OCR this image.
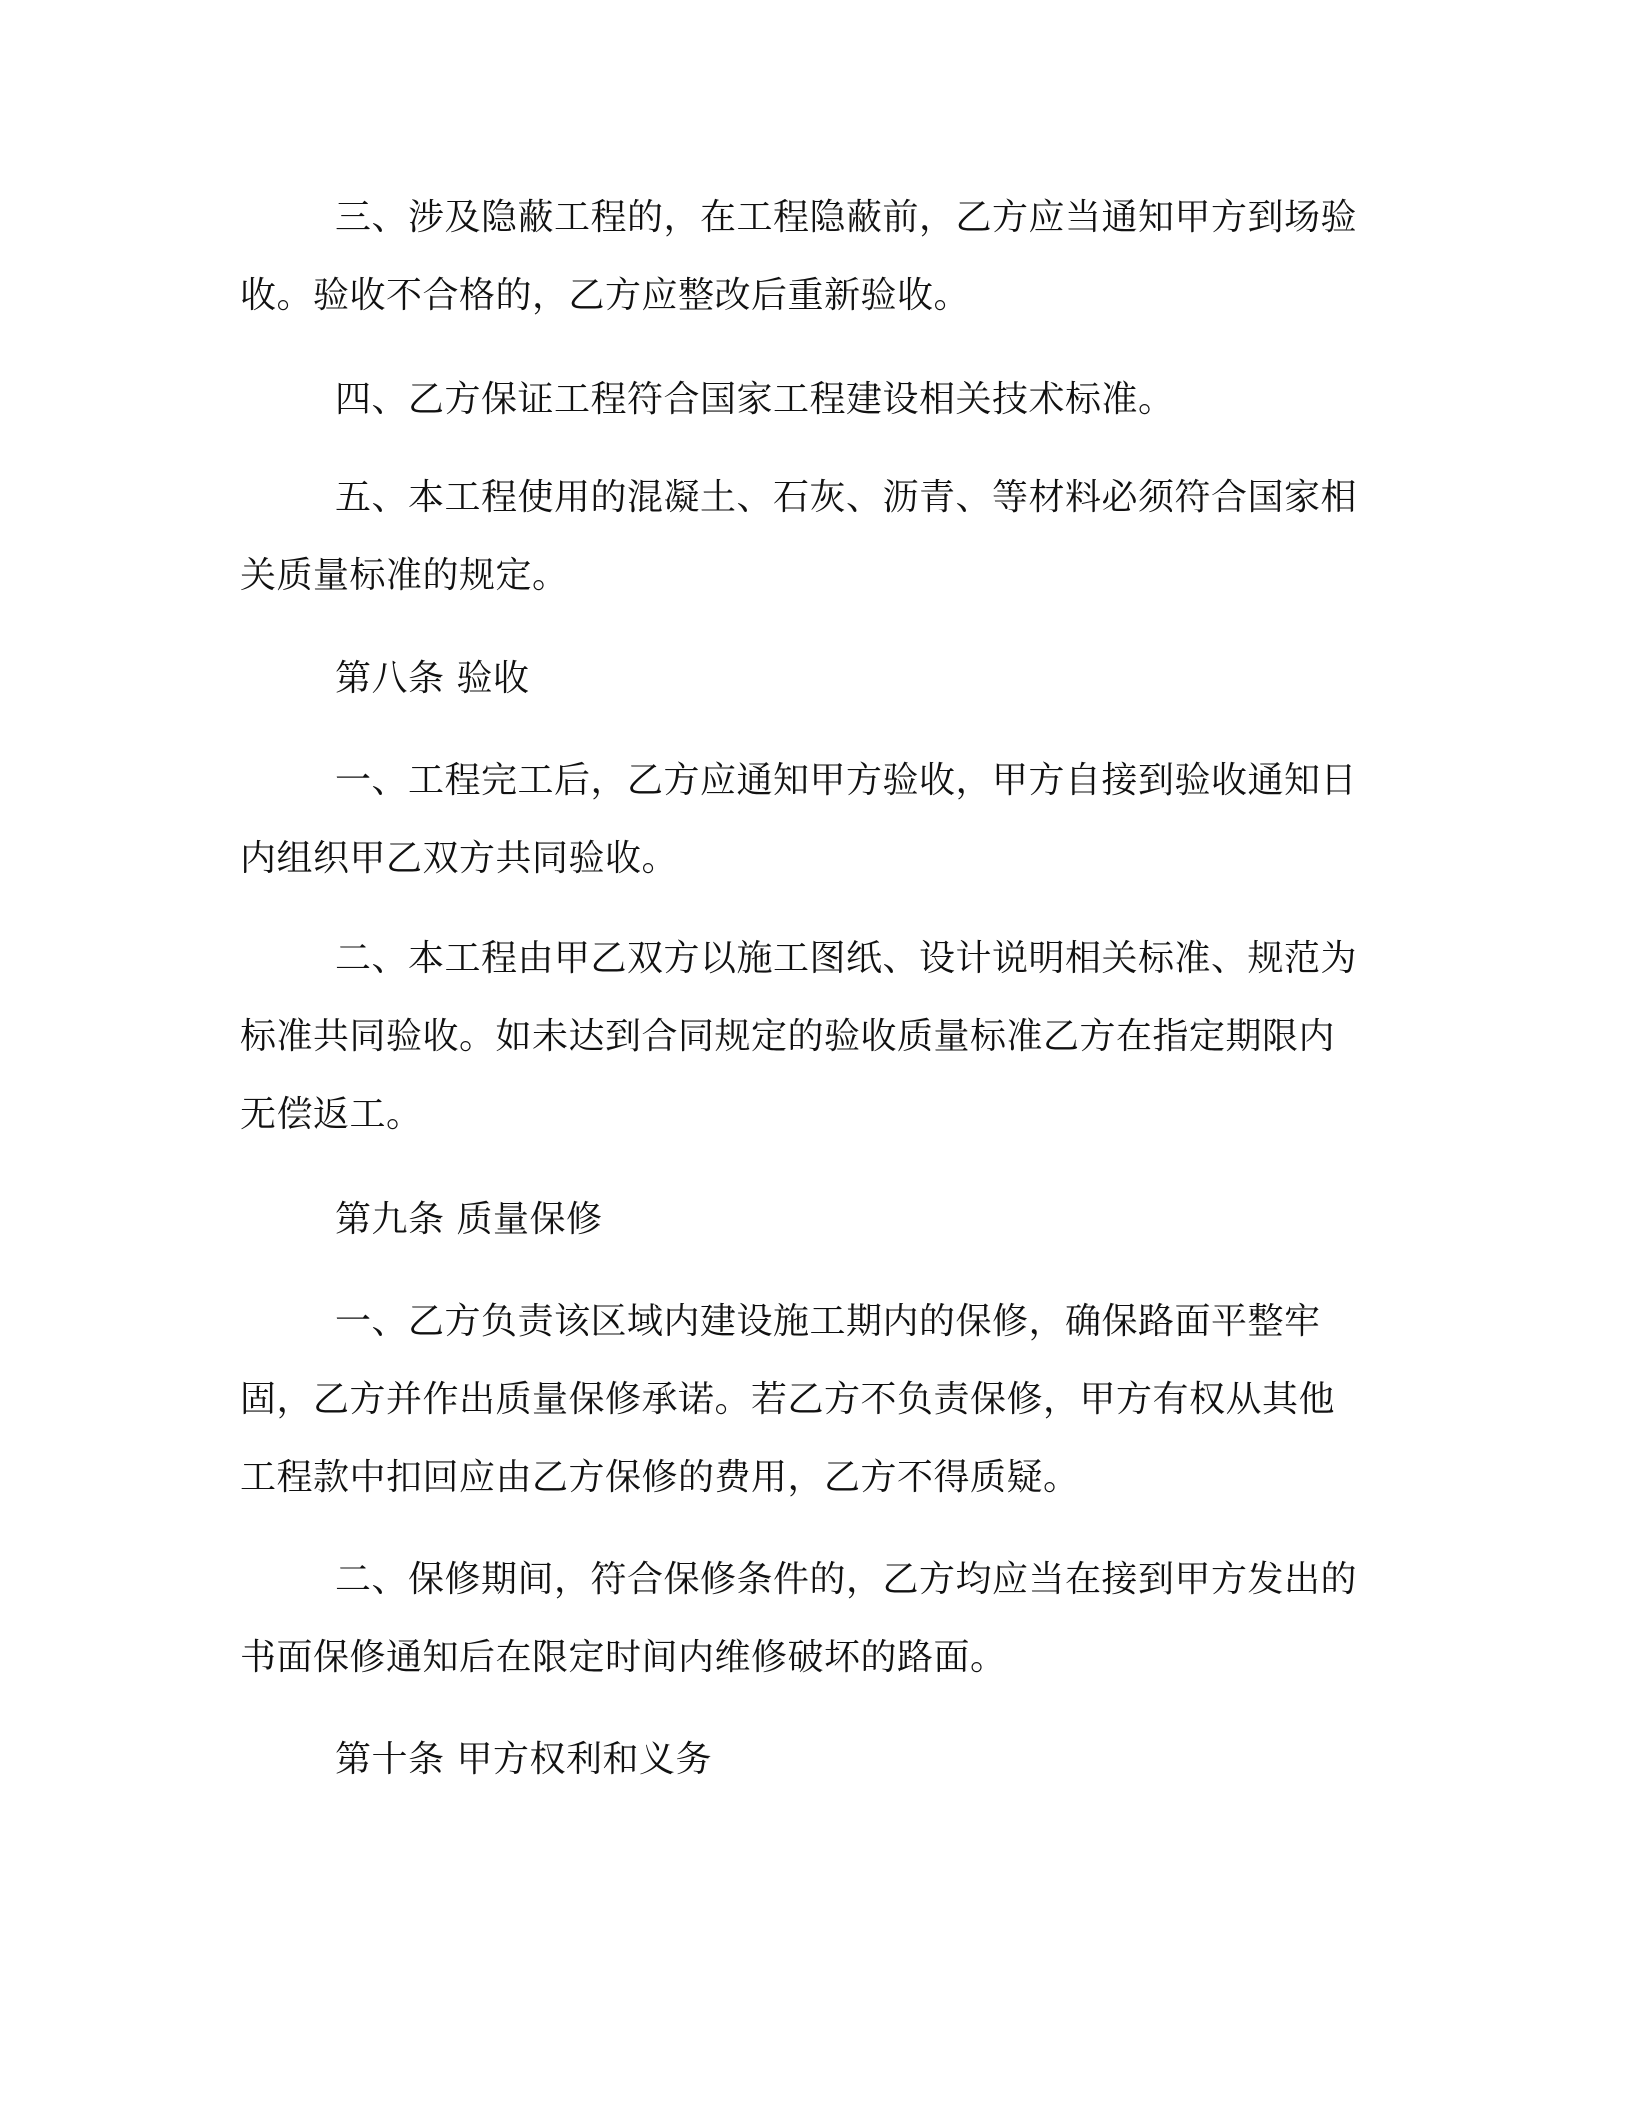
三、涉及隐蔽工程的，在工程隐蔽前，乙方应当通知甲方到场验
收。验收不合格的，乙方应整改后重新验收。
四、乙方保证工程符合国家工程建设相关技术标准。
五、本工程使用的混凝土、石灰、沥青、等材料必须符合国家相
关质量标准的规定。
第八条 验收
一、工程完工后，乙方应通知甲方验收，甲方自接到验收通知日
内组织甲乙双方共同验收。
二、本工程由甲乙双方以施工图纸、设计说明相关标准、规范为
标准共同验收。如未达到合同规定的验收质量标准乙方在指定期限内
无偿返工。
第九条 质量保修
一、乙方负责该区域内建设施工期内的保修，确保路面平整牢
固，乙方并作出质量保修承诺。若乙方不负责保修，甲方有权从其他
工程款中扣回应由乙方保修的费用，乙方不得质疑。
二、保修期间，符合保修条件的，乙方均应当在接到甲方发出的
书面保修通知后在限定时间内维修破坏的路面。
第十条 甲方权利和义务
